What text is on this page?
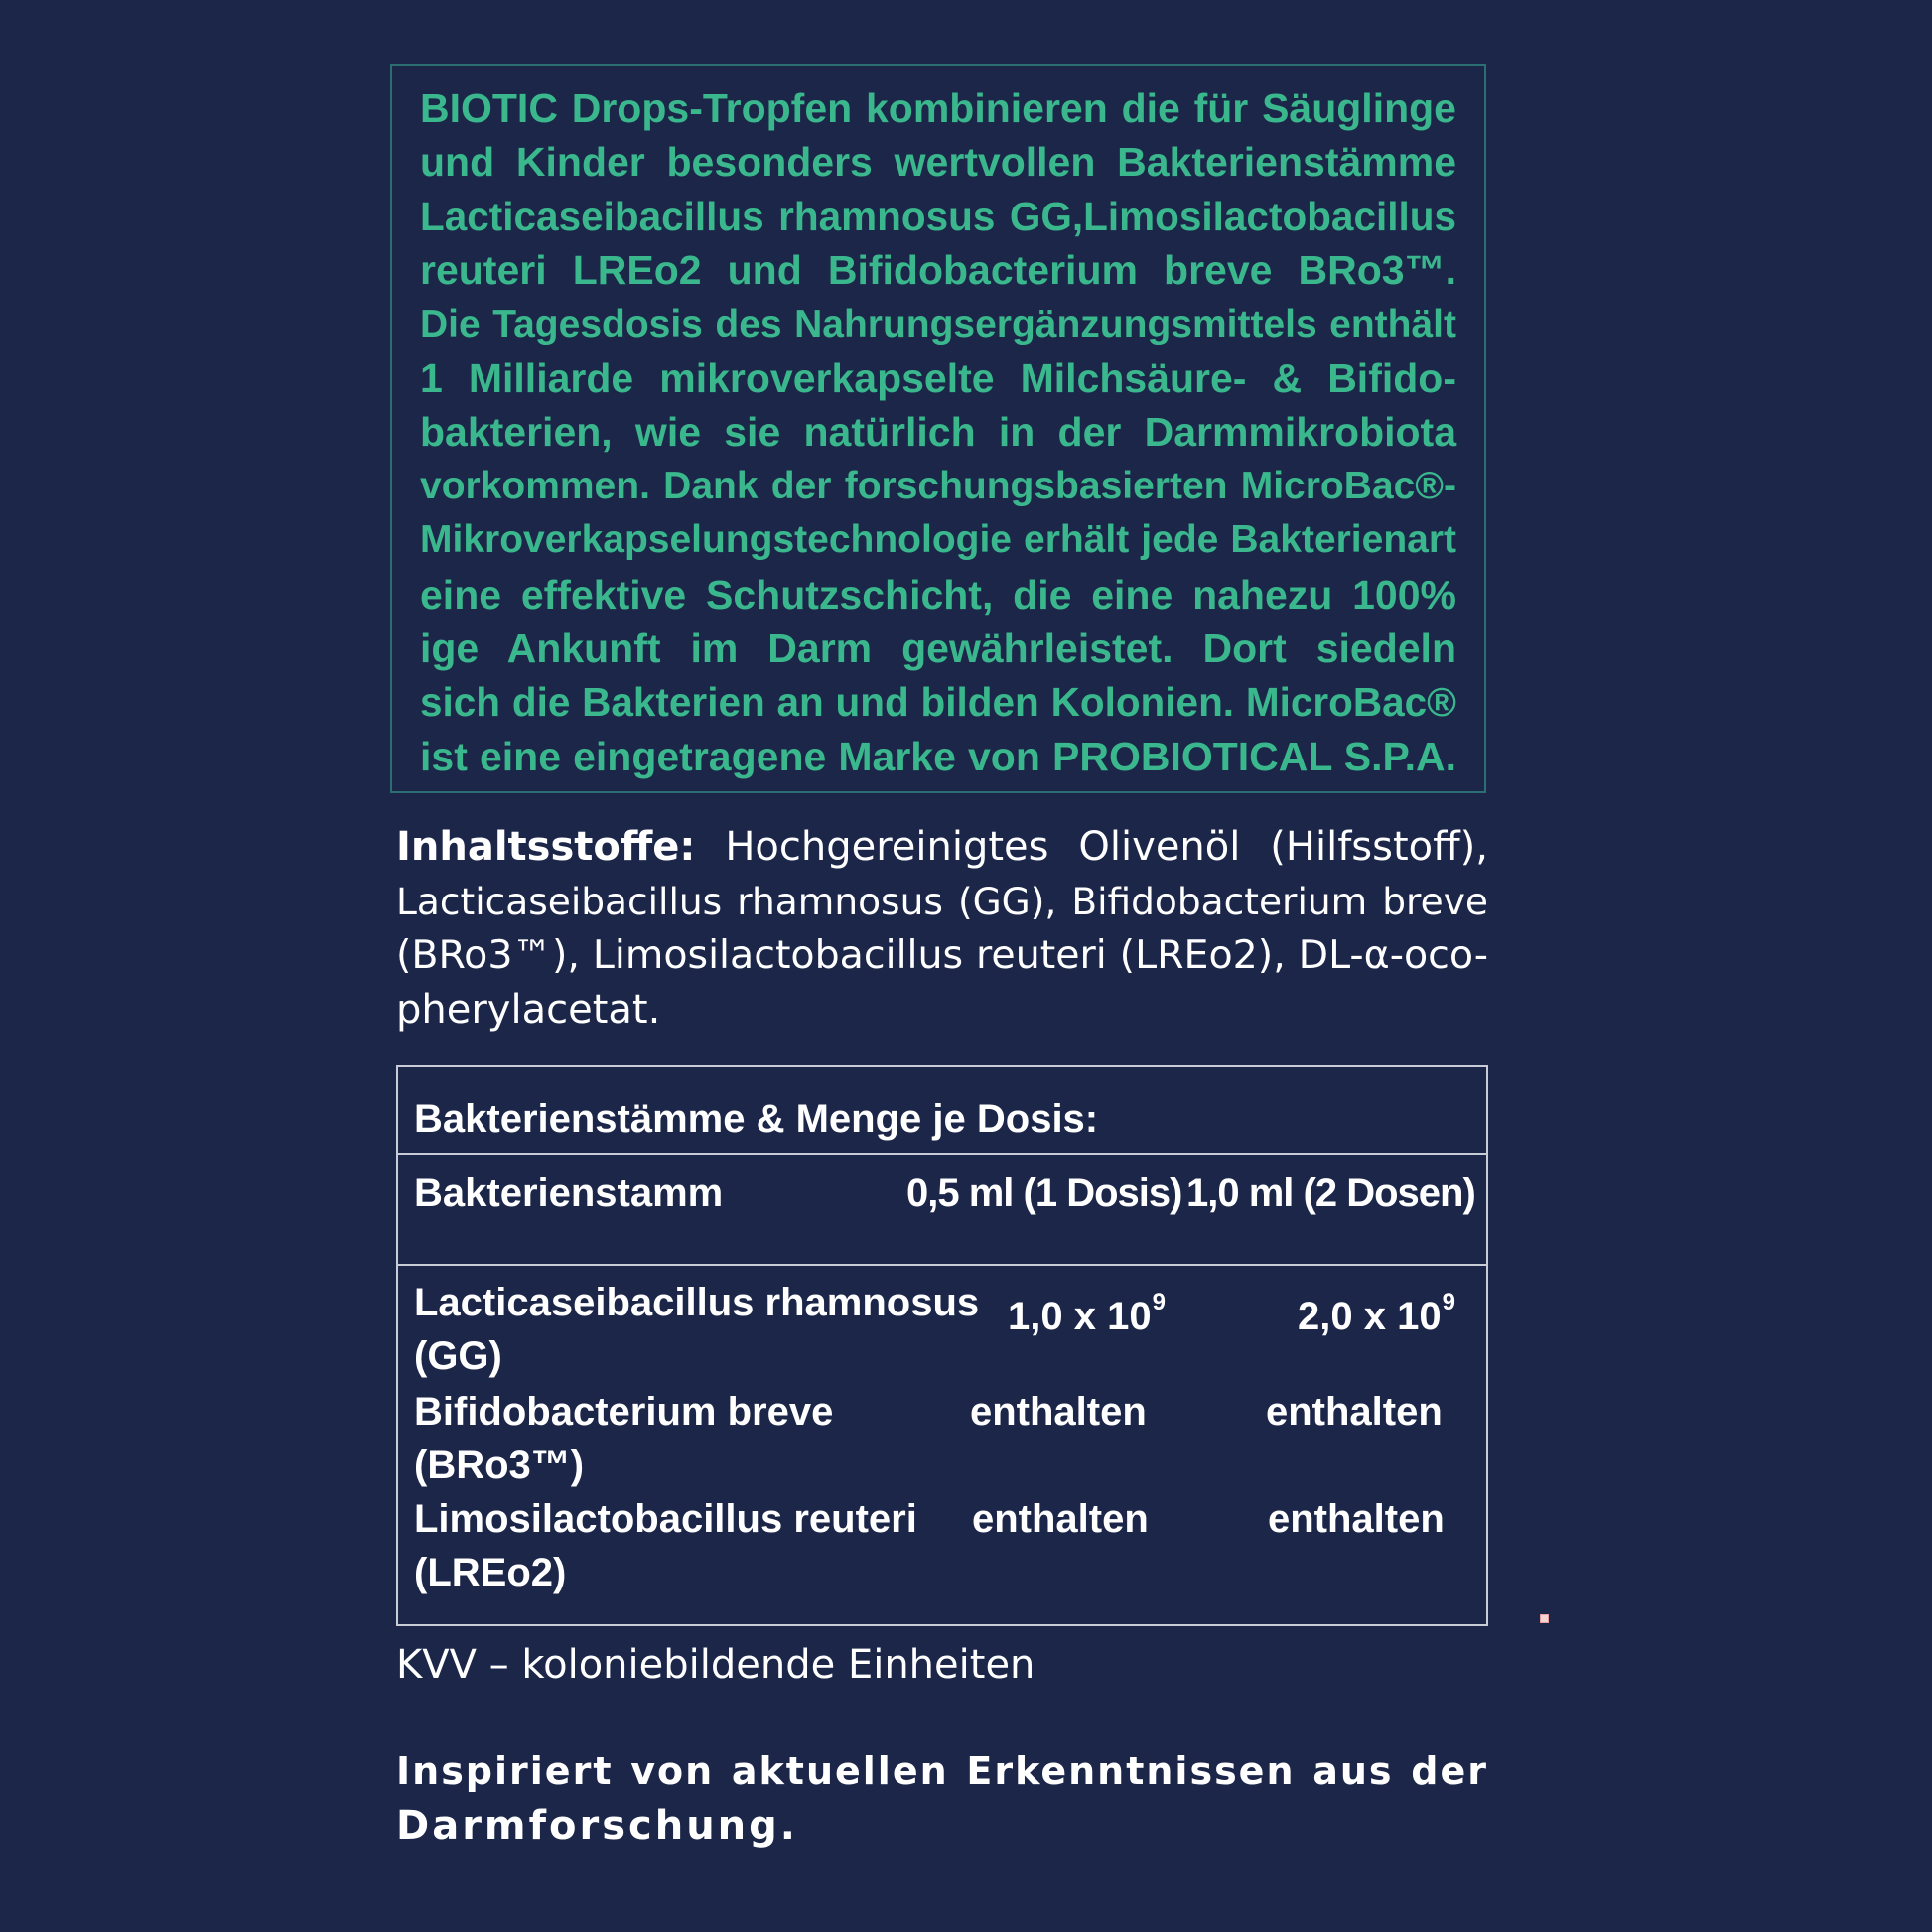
BIOTIC Drops-Tropfen kombinieren die für Säuglinge
und Kinder besonders wertvollen Bakterienstämme
Lacticaseibacillus rhamnosus GG,Limosilactobacillus
reuteri LREo2 und Bifidobacterium breve BRo3™.
Die Tagesdosis des Nahrungsergänzungsmittels enthält
1 Milliarde mikroverkapselte Milchsäure- & Bifido-
bakterien, wie sie natürlich in der Darmmikrobiota
vorkommen. Dank der forschungsbasierten MicroBac®-
Mikroverkapselungstechnologie erhält jede Bakterienart
eine effektive Schutzschicht, die eine nahezu 100%
ige Ankunft im Darm gewährleistet. Dort siedeln
sich die Bakterien an und bilden Kolonien. MicroBac®
ist eine eingetragene Marke von PROBIOTICAL S.P.A.
Inhaltsstoffe: Hochgereinigtes Olivenöl (Hilfsstoff),
Lacticaseibacillus rhamnosus (GG), Bifidobacterium breve
(BRo3™), Limosilactobacillus reuteri (LREo2), DL-α-oco-
pherylacetat.
Bakterienstämme & Menge je Dosis:
Bakterienstamm	0,5 ml (1 Dosis) 1,0 ml (2 Dosen)
Lacticaseibacillus rhamnosus
(GG)
1,0 x $10^9$	2,0 x $10^9$
Bifidobacterium breve
(BRo3™)
enthalten	enthalten
Limosilactobacillus reuteri
(LREo2)
enthalten	enthalten
KVV – koloniebildende Einheiten
Inspiriert von aktuellen Erkenntnissen aus der
Darmforschung.
